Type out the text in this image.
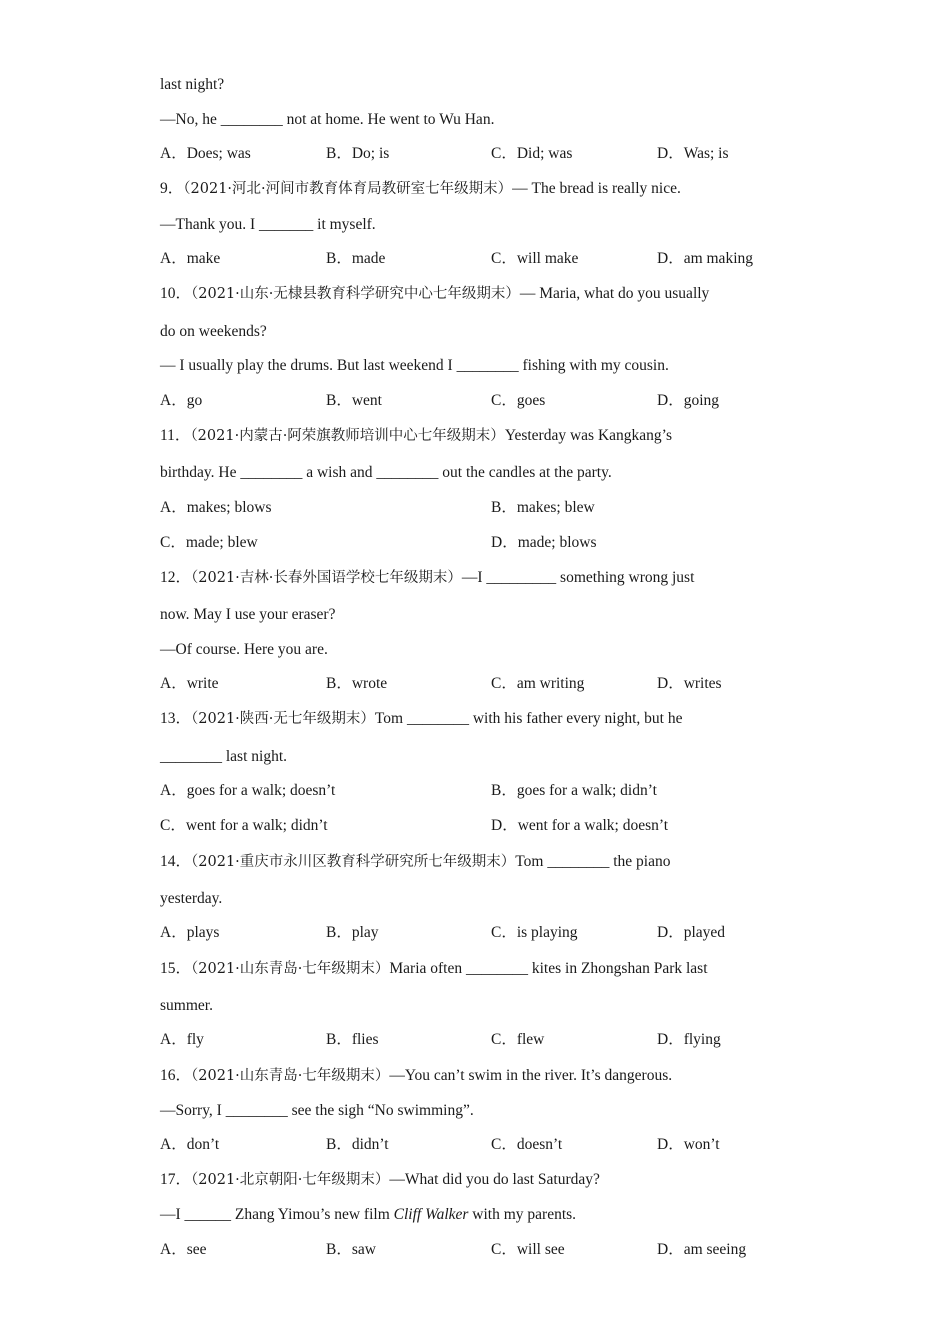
last night?
—No, he ________ not at home. He went to Wu Han.
A．Does; was	B．Do; is	C．Did; was	D．Was; is
9．（2021·河北·河间市教育体育局教研室七年级期末）— The bread is really nice.
—Thank you. I _______ it myself.
A．make	B．made	C．will make	D．am making
10．（2021·山东·无棣县教育科学研究中心七年级期末）— Maria, what do you usually
do on weekends?
— I usually play the drums. But last weekend I ________ fishing with my cousin.
A．go	B．went	C．goes	D．going
11．（2021·内蒙古·阿荣旗教师培训中心七年级期末）Yesterday was Kangkang’s
birthday. He ________ a wish and ________ out the candles at the party.
A．makes; blows	B．makes; blew
C．made; blew	D．made; blows
12．（2021·吉林·长春外国语学校七年级期末）—I _________ something wrong just
now. May I use your eraser?
—Of course. Here you are.
A．write	B．wrote	C．am writing	D．writes
13．（2021·陕西·无七年级期末）Tom ________ with his father every night, but he
________ last night.
A．goes for a walk; doesn’t	B．goes for a walk; didn’t
C．went for a walk; didn’t	D．went for a walk; doesn’t
14．（2021·重庆市永川区教育科学研究所七年级期末）Tom ________ the piano
yesterday.
A．plays	B．play	C．is playing	D．played
15．（2021·山东青岛·七年级期末）Maria often ________ kites in Zhongshan Park last
summer.
A．fly	B．flies	C．flew	D．flying
16．（2021·山东青岛·七年级期末）—You can’t swim in the river. It’s dangerous.
—Sorry, I ________ see the sigh “No swimming”.
A．don’t	B．didn’t	C．doesn’t	D．won’t
17．（2021·北京朝阳·七年级期末）—What did you do last Saturday?
—I ______ Zhang Yimou’s new film Cliff Walker with my parents.
A．see	B．saw	C．will see	D．am seeing
